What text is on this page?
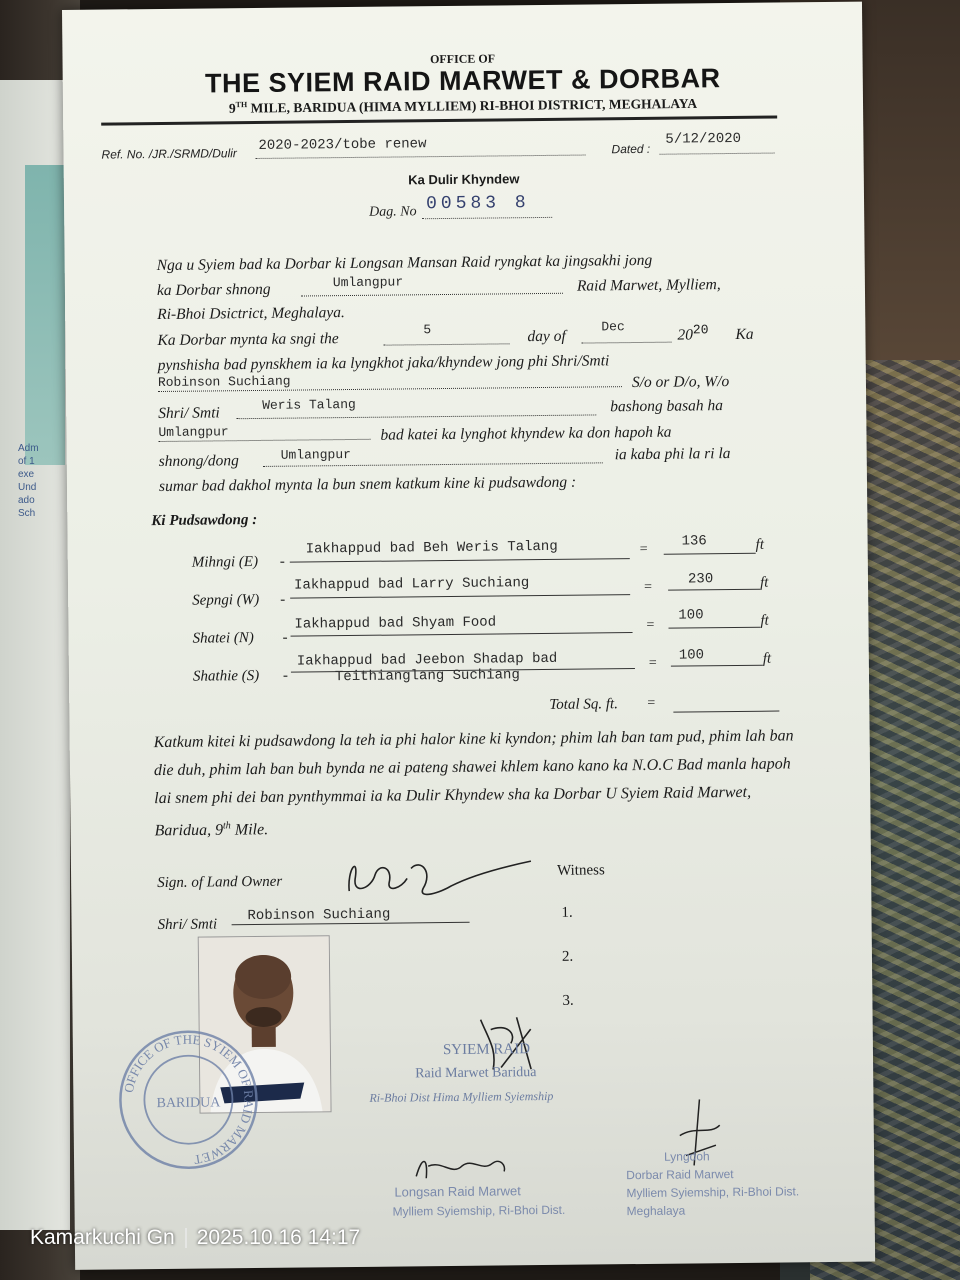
Adm
of 1
exe
Und
ado
Sch
OFFICE OF
THE SYIEM RAID MARWET & DORBAR
9TH MILE, BARIDUA (HIMA MYLLIEM) RI-BHOI DISTRICT, MEGHALAYA
Ref. No. /JR./SRMD/Dulir 2020-2023/tobe renew	Dated :
5/12/2020
Ka Dulir Khyndew
Dag. No 00583 8
Nga u Syiem bad ka Dorbar ki Longsan Mansan Raid ryngkat ka jingsakhi jong
ka Dorbar shnong	Umlangpur	Raid Marwet, Mylliem,
Ri-Bhoi Dsictrict, Meghalaya.
Ka Dorbar mynta ka sngi the
5	day of
Dec	$20^{20}$ Ka
pynshisha bad pynskhem ia ka lyngkhot jaka/khyndew jong phi Shri/Smti
Robinson Suchiang	S/o or D/o, W/o
Shri/ Smti	Weris Talang	bashong basah ha
Umlangpur	bad katei ka lynghot khyndew ka don hapoh ka
shnong/dong	Umlangpur	ia kaba phi la ri la
sumar bad dakhol mynta la bun snem katkum kine ki pudsawdong :
Ki Pudsawdong :
Mihngi (E) -
Iakhappud bad Beh Weris Talang	= 136	ft
Sepngi (W) -
Iakhappud bad Larry Suchiang	=	230	ft
Shatei (N) -
Iakhappud bad Shyam Food	=
100	ft
Shathie (S) -
Iakhappud bad Jeebon Shadap bad
Teithianglang Suchiang
= 100	ft
Total Sq. ft. =
Katkum kitei ki pudsawdong la teh ia phi halor kine ki kyndon; phim lah ban tam pud, phim lah ban die duh, phim lah ban buh bynda ne ai pateng shawei khlem kano kano ka N.O.C Bad manla hapoh lai snem phi dei ban pynthymmai ia ka Dulir Khyndew sha ka Dorbar U Syiem Raid Marwet, Baridua, 9th Mile.
Sign. of Land Owner
Shri/ Smti
Robinson Suchiang
Witness
1.
2.
3.
BARIDUA
OFFICE OF THE SYIEM OF RAID MARWET
SYIEM RAID
Raid Marwet Baridua
Ri-Bhoi Dist Hima Mylliem Syiemship
Longsan Raid Marwet
Mylliem Syiemship, Ri-Bhoi Dist.
Lyngdoh
Dorbar Raid Marwet
Mylliem Syiemship, Ri-Bhoi Dist.
Meghalaya
Kamarkuchi Gn 2025.10.16 14:17
